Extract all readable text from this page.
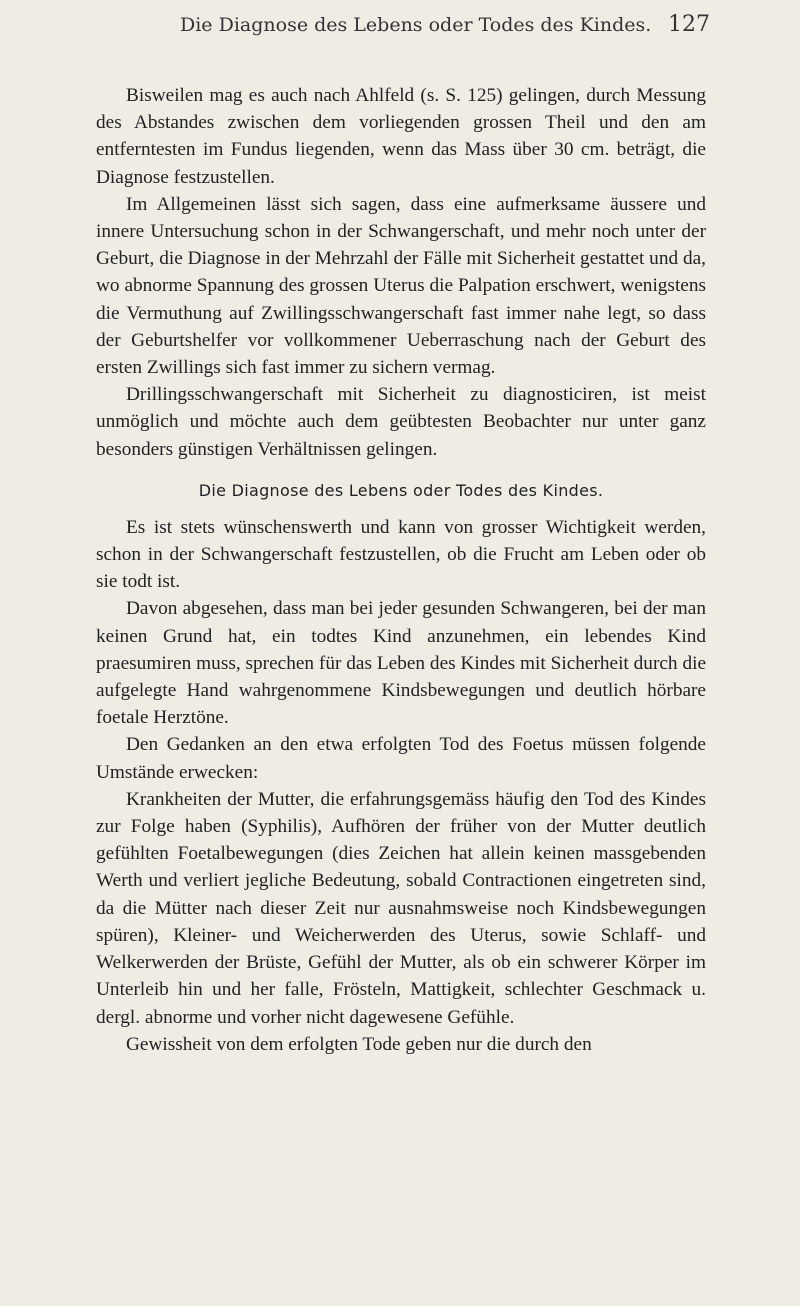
Die Diagnose des Lebens oder Todes des Kindes. 127

Bisweilen mag es auch nach Ahlfeld (s. S. 125) gelingen, durch Messung des Abstandes zwischen dem vorliegenden grossen Theil und den am entferntesten im Fundus liegenden, wenn das Mass über 30 cm. beträgt, die Diagnose festzustellen.

Im Allgemeinen lässt sich sagen, dass eine aufmerksame äussere und innere Untersuchung schon in der Schwangerschaft, und mehr noch unter der Geburt, die Diagnose in der Mehrzahl der Fälle mit Sicherheit gestattet und da, wo abnorme Spannung des grossen Uterus die Palpation erschwert, wenigstens die Vermuthung auf Zwillingsschwangerschaft fast immer nahe legt, so dass der Geburtshelfer vor vollkommener Ueberraschung nach der Geburt des ersten Zwillings sich fast immer zu sichern vermag.

Drillingsschwangerschaft mit Sicherheit zu diagnosticiren, ist meist unmöglich und möchte auch dem geübtesten Beobachter nur unter ganz besonders günstigen Verhältnissen gelingen.

Die Diagnose des Lebens oder Todes des Kindes.

Es ist stets wünschenswerth und kann von grosser Wichtigkeit werden, schon in der Schwangerschaft festzustellen, ob die Frucht am Leben oder ob sie todt ist.

Davon abgesehen, dass man bei jeder gesunden Schwangeren, bei der man keinen Grund hat, ein todtes Kind anzunehmen, ein lebendes Kind praesumiren muss, sprechen für das Leben des Kindes mit Sicherheit durch die aufgelegte Hand wahrgenommene Kindsbewegungen und deutlich hörbare foetale Herztöne.

Den Gedanken an den etwa erfolgten Tod des Foetus müssen folgende Umstände erwecken:

Krankheiten der Mutter, die erfahrungsgemäss häufig den Tod des Kindes zur Folge haben (Syphilis), Aufhören der früher von der Mutter deutlich gefühlten Foetalbewegungen (dies Zeichen hat allein keinen massgebenden Werth und verliert jegliche Bedeutung, sobald Contractionen eingetreten sind, da die Mütter nach dieser Zeit nur ausnahmsweise noch Kindsbewegungen spüren), Kleiner- und Weicherwerden des Uterus, sowie Schlaff- und Welkerwerden der Brüste, Gefühl der Mutter, als ob ein schwerer Körper im Unterleib hin und her falle, Frösteln, Mattigkeit, schlechter Geschmack u. dergl. abnorme und vorher nicht dagewesene Gefühle.

Gewissheit von dem erfolgten Tode geben nur die durch den
